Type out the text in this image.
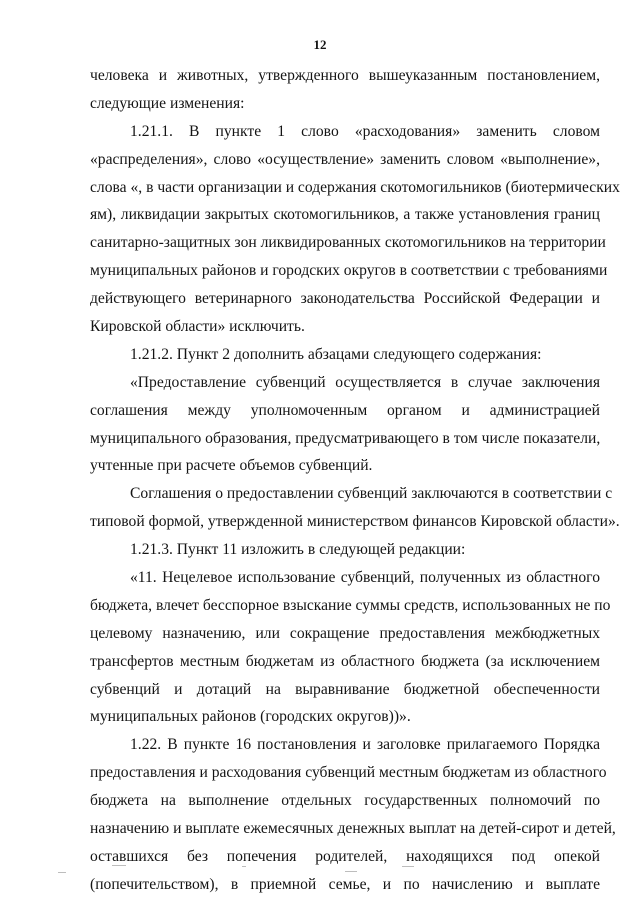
12
человека и животных, утвержденного вышеуказанным постановлением,
следующие изменения:
1.21.1. В пункте 1 слово «расходования» заменить словом
«распределения», слово «осуществление» заменить словом «выполнение»,
слова «, в части организации и содержания скотомогильников (биотермических
ям), ликвидации закрытых скотомогильников, а также установления границ
санитарно-защитных зон ликвидированных скотомогильников на территории
муниципальных районов и городских округов в соответствии с требованиями
действующего ветеринарного законодательства Российской Федерации и
Кировской области» исключить.
1.21.2. Пункт 2 дополнить абзацами следующего содержания:
«Предоставление субвенций осуществляется в случае заключения
соглашения между уполномоченным органом и администрацией
муниципального образования, предусматривающего в том числе показатели,
учтенные при расчете объемов субвенций.
Соглашения о предоставлении субвенций заключаются в соответствии с
типовой формой, утвержденной министерством финансов Кировской области».
1.21.3. Пункт 11 изложить в следующей редакции:
«11. Нецелевое использование субвенций, полученных из областного
бюджета, влечет бесспорное взыскание суммы средств, использованных не по
целевому назначению, или сокращение предоставления межбюджетных
трансфертов местным бюджетам из областного бюджета (за исключением
субвенций и дотаций на выравнивание бюджетной обеспеченности
муниципальных районов (городских округов))».
1.22. В пункте 16 постановления и заголовке прилагаемого Порядка
предоставления и расходования субвенций местным бюджетам из областного
бюджета на выполнение отдельных государственных полномочий по
назначению и выплате ежемесячных денежных выплат на детей-сирот и детей,
оставшихся без попечения родителей, находящихся под опекой
(попечительством), в приемной семье, и по начислению и выплате
